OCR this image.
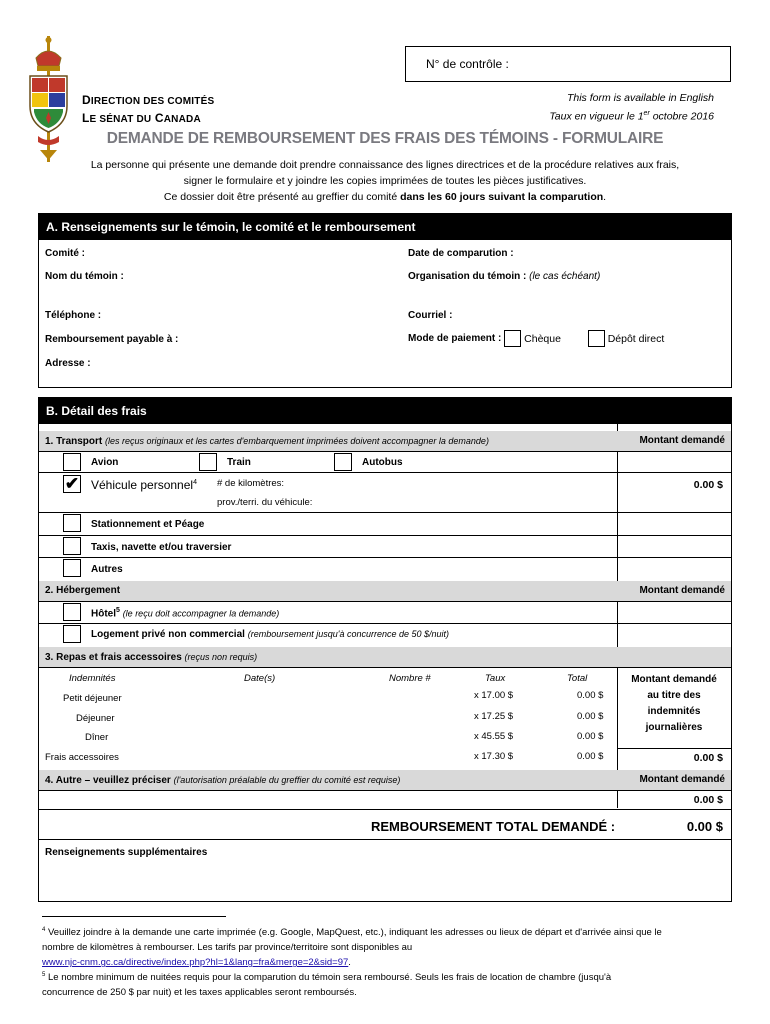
N° de contrôle :
DIRECTION DES COMITÉS
LE SÉNAT DU CANADA
This form is available in English
Taux en vigueur le 1er octobre 2016
DEMANDE DE REMBOURSEMENT DES FRAIS DES TÉMOINS - FORMULAIRE
La personne qui présente une demande doit prendre connaissance des lignes directrices et de la procédure relatives aux frais,
signer le formulaire et y joindre les copies imprimées de toutes les pièces justificatives.
Ce dossier doit être présenté au greffier du comité dans les 60 jours suivant la comparution.
A. Renseignements sur le témoin, le comité et le remboursement
Comité :	Date de comparution :
Nom du témoin :	Organisation du témoin : (le cas échéant)
Téléphone :	Courriel :
Remboursement payable à :	Mode de paiement : Chèque	Dépôt direct
Adresse :
B. Détail des frais
1. Transport (les reçus originaux et les cartes d'embarquement imprimées doivent accompagner la demande)	Montant demandé
Avion	Train	Autobus
✔ Véhicule personnel$^4$ # de kilomètres:
prov./terri. du véhicule:
0.00 $
Stationnement et Péage
Taxis, navette et/ou traversier
Autres
2. Hébergement	Montant demandé
Hôtel$^5$ (le reçu doit accompagner la demande)
Logement privé non commercial (remboursement jusqu'à concurrence de 50 $/nuit)
3. Repas et frais accessoires (reçus non requis)
Indemnités	Date(s)	Nombre #	Taux	Total
Petit déjeuner	x 17.00 $	0.00 $
Déjeuner	x 17.25 $	0.00 $
Dîner	x 45.55 $	0.00 $
Frais accessoires	x 17.30 $	0.00 $
Montant demandé
au titre des
indemnités
journalières
0.00 $
4. Autre – veuillez préciser (l'autorisation préalable du greffier du comité est requise)	Montant demandé
0.00 $
REMBOURSEMENT TOTAL DEMANDÉ :	0.00 $
Renseignements supplémentaires
$^4$ Veuillez joindre à la demande une carte imprimée (e.g. Google, MapQuest, etc.), indiquant les adresses ou lieux de départ et d'arrivée ainsi que le
nombre de kilomètres à rembourser. Les tarifs par province/territoire sont disponibles au
www.njc-cnm.gc.ca/directive/index.php?hl=1&lang=fra&merge=2&sid=97.
$^5$ Le nombre minimum de nuitées requis pour la comparution du témoin sera remboursé. Seuls les frais de location de chambre (jusqu'à
concurrence de 250 $ par nuit) et les taxes applicables seront remboursés.
